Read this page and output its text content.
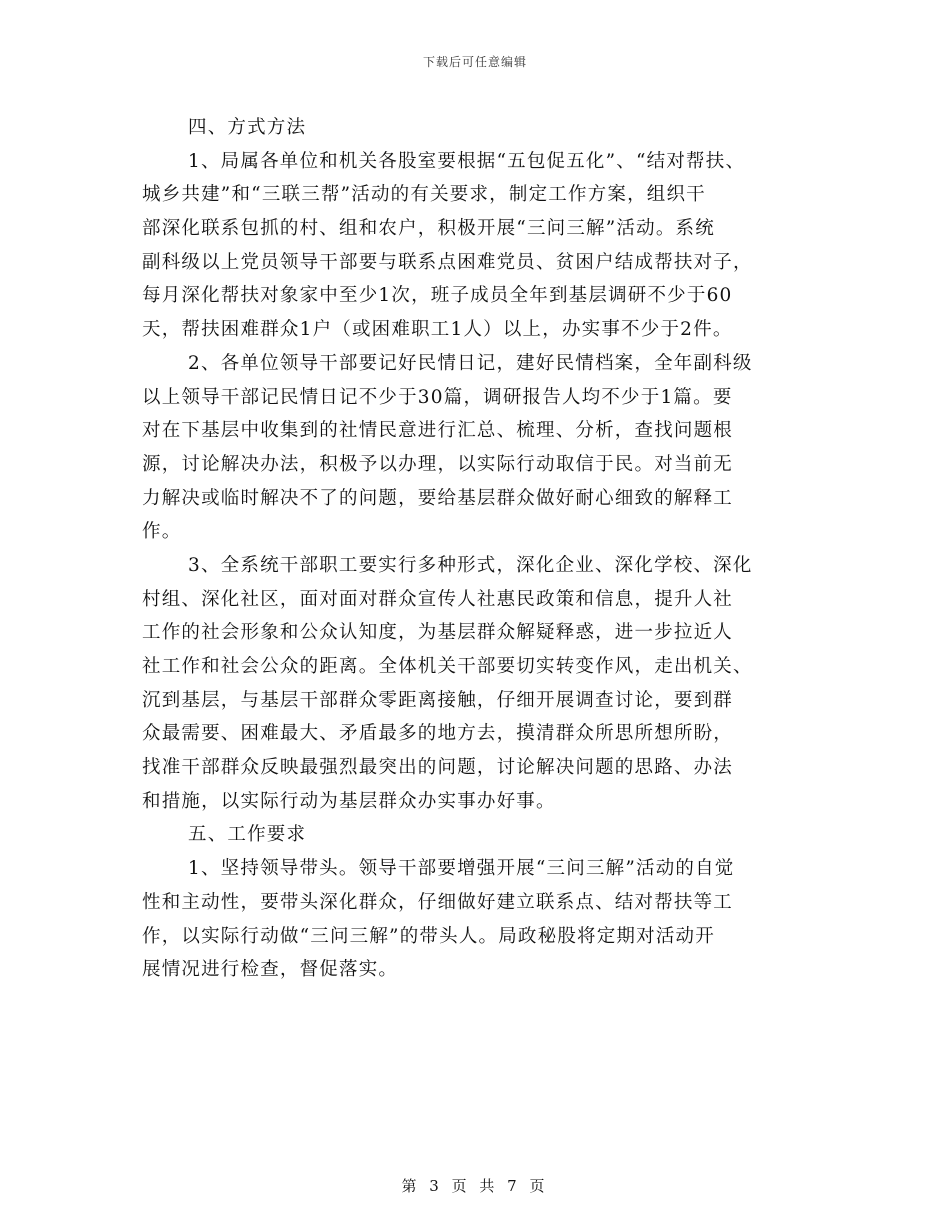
下载后可任意编辑
四、方式方法
1、局属各单位和机关各股室要根据“五包促五化”、“结对帮扶、
城乡共建”和“三联三帮”活动的有关要求，制定工作方案，组织干
部深化联系包抓的村、组和农户，积极开展“三问三解”活动。系统
副科级以上党员领导干部要与联系点困难党员、贫困户结成帮扶对子，
每月深化帮扶对象家中至少1次，班子成员全年到基层调研不少于60
天，帮扶困难群众1户（或困难职工1人）以上，办实事不少于2件。
2、各单位领导干部要记好民情日记，建好民情档案，全年副科级
以上领导干部记民情日记不少于30篇，调研报告人均不少于1篇。要
对在下基层中收集到的社情民意进行汇总、梳理、分析，查找问题根
源，讨论解决办法，积极予以办理，以实际行动取信于民。对当前无
力解决或临时解决不了的问题，要给基层群众做好耐心细致的解释工
作。
3、全系统干部职工要实行多种形式，深化企业、深化学校、深化
村组、深化社区，面对面对群众宣传人社惠民政策和信息，提升人社
工作的社会形象和公众认知度，为基层群众解疑释惑，进一步拉近人
社工作和社会公众的距离。全体机关干部要切实转变作风，走出机关、
沉到基层，与基层干部群众零距离接触，仔细开展调查讨论，要到群
众最需要、困难最大、矛盾最多的地方去，摸清群众所思所想所盼，
找准干部群众反映最强烈最突出的问题，讨论解决问题的思路、办法
和措施，以实际行动为基层群众办实事办好事。
五、工作要求
1、坚持领导带头。领导干部要增强开展“三问三解”活动的自觉
性和主动性，要带头深化群众，仔细做好建立联系点、结对帮扶等工
作，以实际行动做“三问三解”的带头人。局政秘股将定期对活动开
展情况进行检查，督促落实。
第 3 页 共 7 页
